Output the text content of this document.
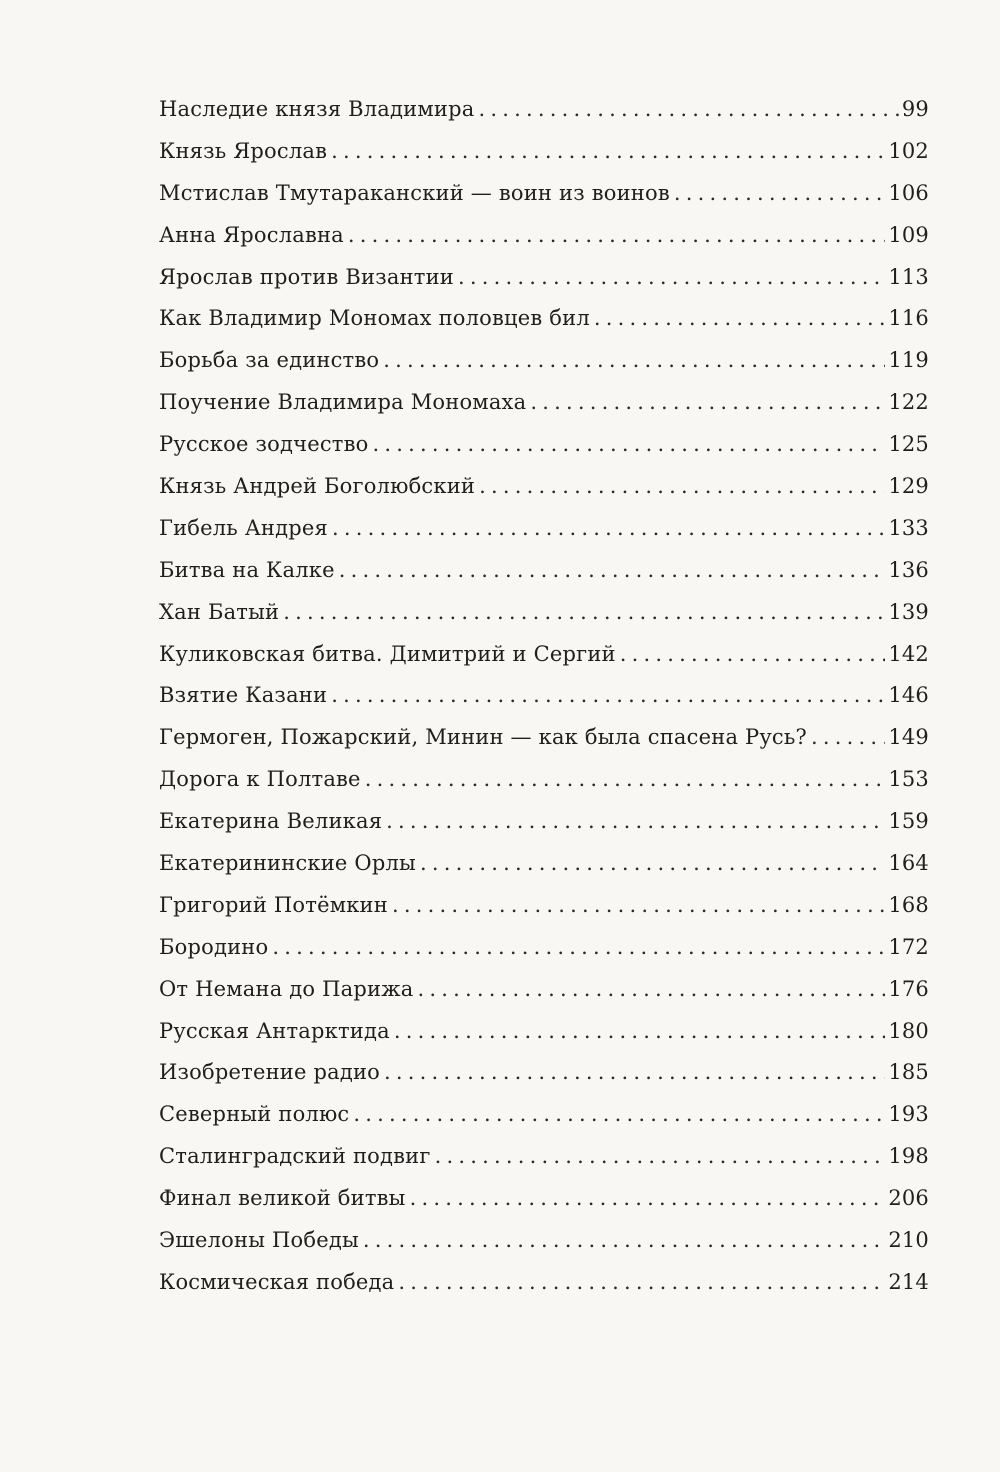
Наследие князя Владимира .....	99
Князь Ярослав .....	102
Мстислав Тмутараканский — воин из воинов .....	106
Анна Ярославна .....	109
Ярослав против Византии .....	113
Как Владимир Мономах половцев бил .....	116
Борьба за единство .....	119
Поучение Владимира Мономаха .....	122
Русское зодчество .....	125
Князь Андрей Боголюбский .....	129
Гибель Андрея .....	133
Битва на Калке .....	136
Хан Батый .....	139
Куликовская битва. Димитрий и Сергий .....	142
Взятие Казани .....	146
Гермоген, Пожарский, Минин — как была спасена Русь? .....	149
Дорога к Полтаве .....	153
Екатерина Великая .....	159
Екатерининские Орлы .....	164
Григорий Потёмкин .....	168
Бородино .....	172
От Немана до Парижа .....	176
Русская Антарктида .....	180
Изобретение радио .....	185
Северный полюс .....	193
Сталинградский подвиг .....	198
Финал великой битвы .....	206
Эшелоны Победы .....	210
Космическая победа .....	214
